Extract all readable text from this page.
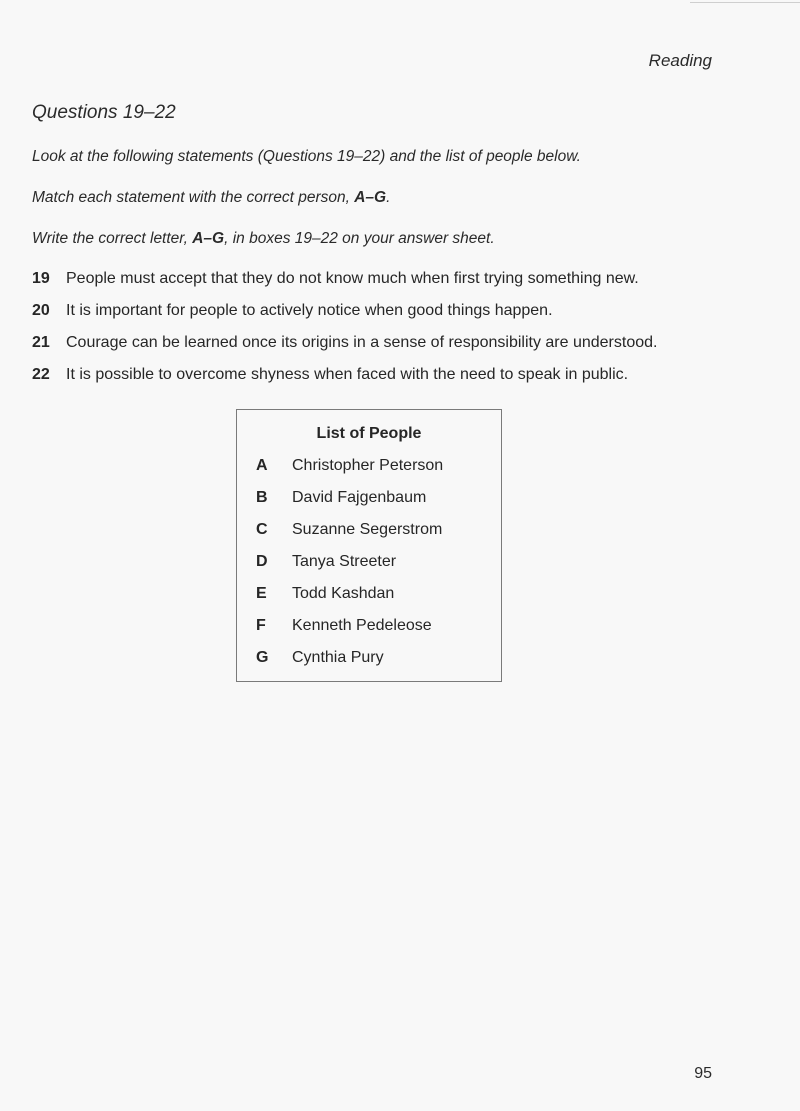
Reading
Questions 19–22
Look at the following statements (Questions 19–22) and the list of people below.
Match each statement with the correct person, A–G.
Write the correct letter, A–G, in boxes 19–22 on your answer sheet.
19	People must accept that they do not know much when first trying something new.
20	It is important for people to actively notice when good things happen.
21	Courage can be learned once its origins in a sense of responsibility are understood.
22	It is possible to overcome shyness when faced with the need to speak in public.
List of People
A	Christopher Peterson
B	David Fajgenbaum
C	Suzanne Segerstrom
D	Tanya Streeter
E	Todd Kashdan
F	Kenneth Pedeleose
G	Cynthia Pury
95
